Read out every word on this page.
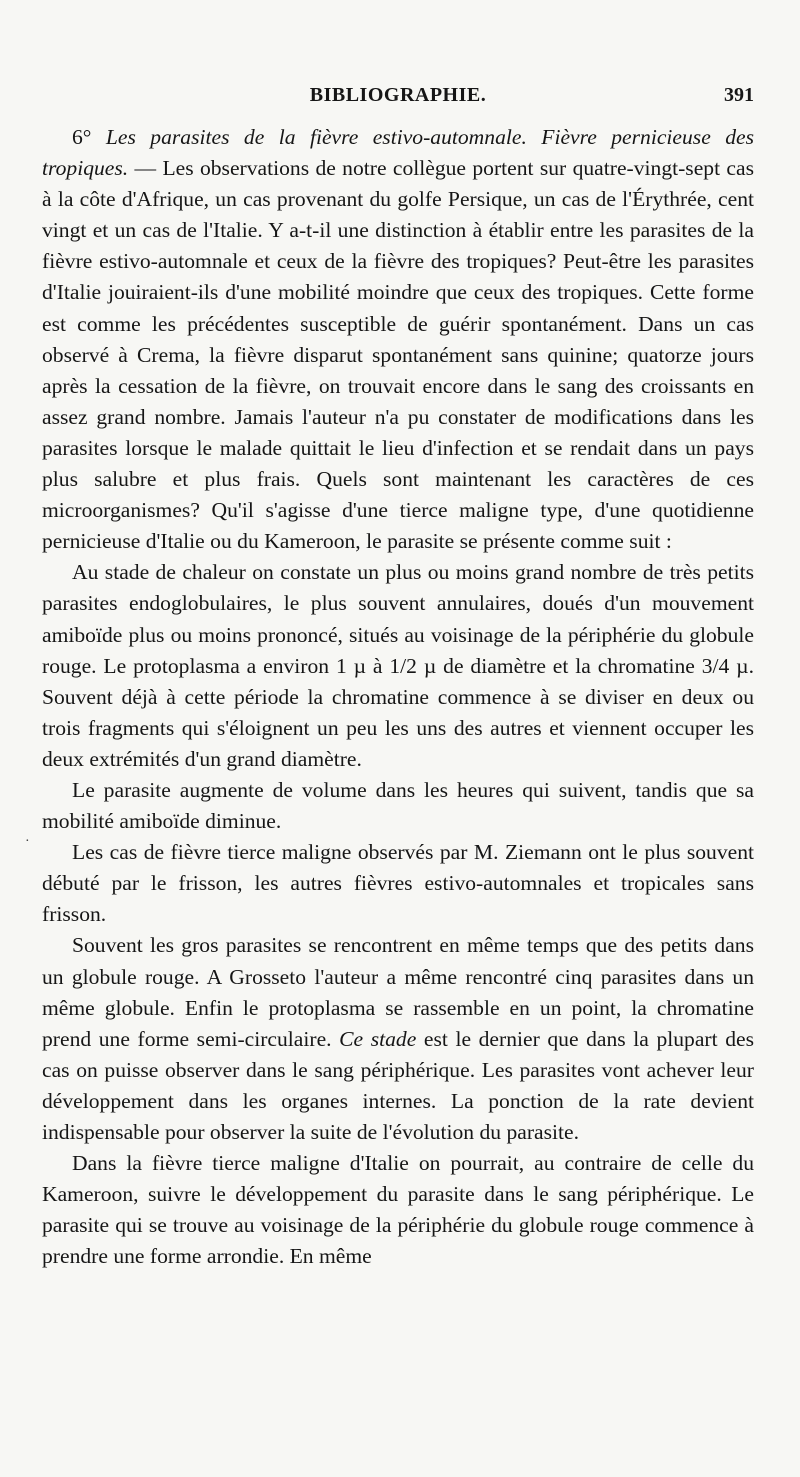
BIBLIOGRAPHIE.	391

6° Les parasites de la fièvre estivo-automnale. Fièvre pernicieuse des tropiques. — Les observations de notre collègue portent sur quatre-vingt-sept cas à la côte d'Afrique, un cas provenant du golfe Persique, un cas de l'Érythrée, cent vingt et un cas de l'Italie. Y a-t-il une distinction à établir entre les parasites de la fièvre estivo-automnale et ceux de la fièvre des tropiques? Peut-être les parasites d'Italie jouiraient-ils d'une mobilité moindre que ceux des tropiques. Cette forme est comme les précédentes susceptible de guérir spontanément. Dans un cas observé à Crema, la fièvre disparut spontanément sans quinine; quatorze jours après la cessation de la fièvre, on trouvait encore dans le sang des croissants en assez grand nombre. Jamais l'auteur n'a pu constater de modifications dans les parasites lorsque le malade quittait le lieu d'infection et se rendait dans un pays plus salubre et plus frais. Quels sont maintenant les caractères de ces microorganismes? Qu'il s'agisse d'une tierce maligne type, d'une quotidienne pernicieuse d'Italie ou du Kameroon, le parasite se présente comme suit :

Au stade de chaleur on constate un plus ou moins grand nombre de très petits parasites endoglobulaires, le plus souvent annulaires, doués d'un mouvement amiboïde plus ou moins prononcé, situés au voisinage de la périphérie du globule rouge. Le protoplasma a environ 1 µ à 1/2 µ de diamètre et la chromatine 3/4 µ. Souvent déjà à cette période la chromatine commence à se diviser en deux ou trois fragments qui s'éloignent un peu les uns des autres et viennent occuper les deux extrémités d'un grand diamètre.

Le parasite augmente de volume dans les heures qui suivent, tandis que sa mobilité amiboïde diminue.

Les cas de fièvre tierce maligne observés par M. Ziemann ont le plus souvent débuté par le frisson, les autres fièvres estivo-automnales et tropicales sans frisson.

Souvent les gros parasites se rencontrent en même temps que des petits dans un globule rouge. A Grosseto l'auteur a même rencontré cinq parasites dans un même globule. Enfin le protoplasma se rassemble en un point, la chromatine prend une forme semi-circulaire. Ce stade est le dernier que dans la plupart des cas on puisse observer dans le sang périphérique. Les parasites vont achever leur développement dans les organes internes. La ponction de la rate devient indispensable pour observer la suite de l'évolution du parasite.

Dans la fièvre tierce maligne d'Italie on pourrait, au contraire de celle du Kameroon, suivre le développement du parasite dans le sang périphérique. Le parasite qui se trouve au voisinage de la périphérie du globule rouge commence à prendre une forme arrondie. En même

·
